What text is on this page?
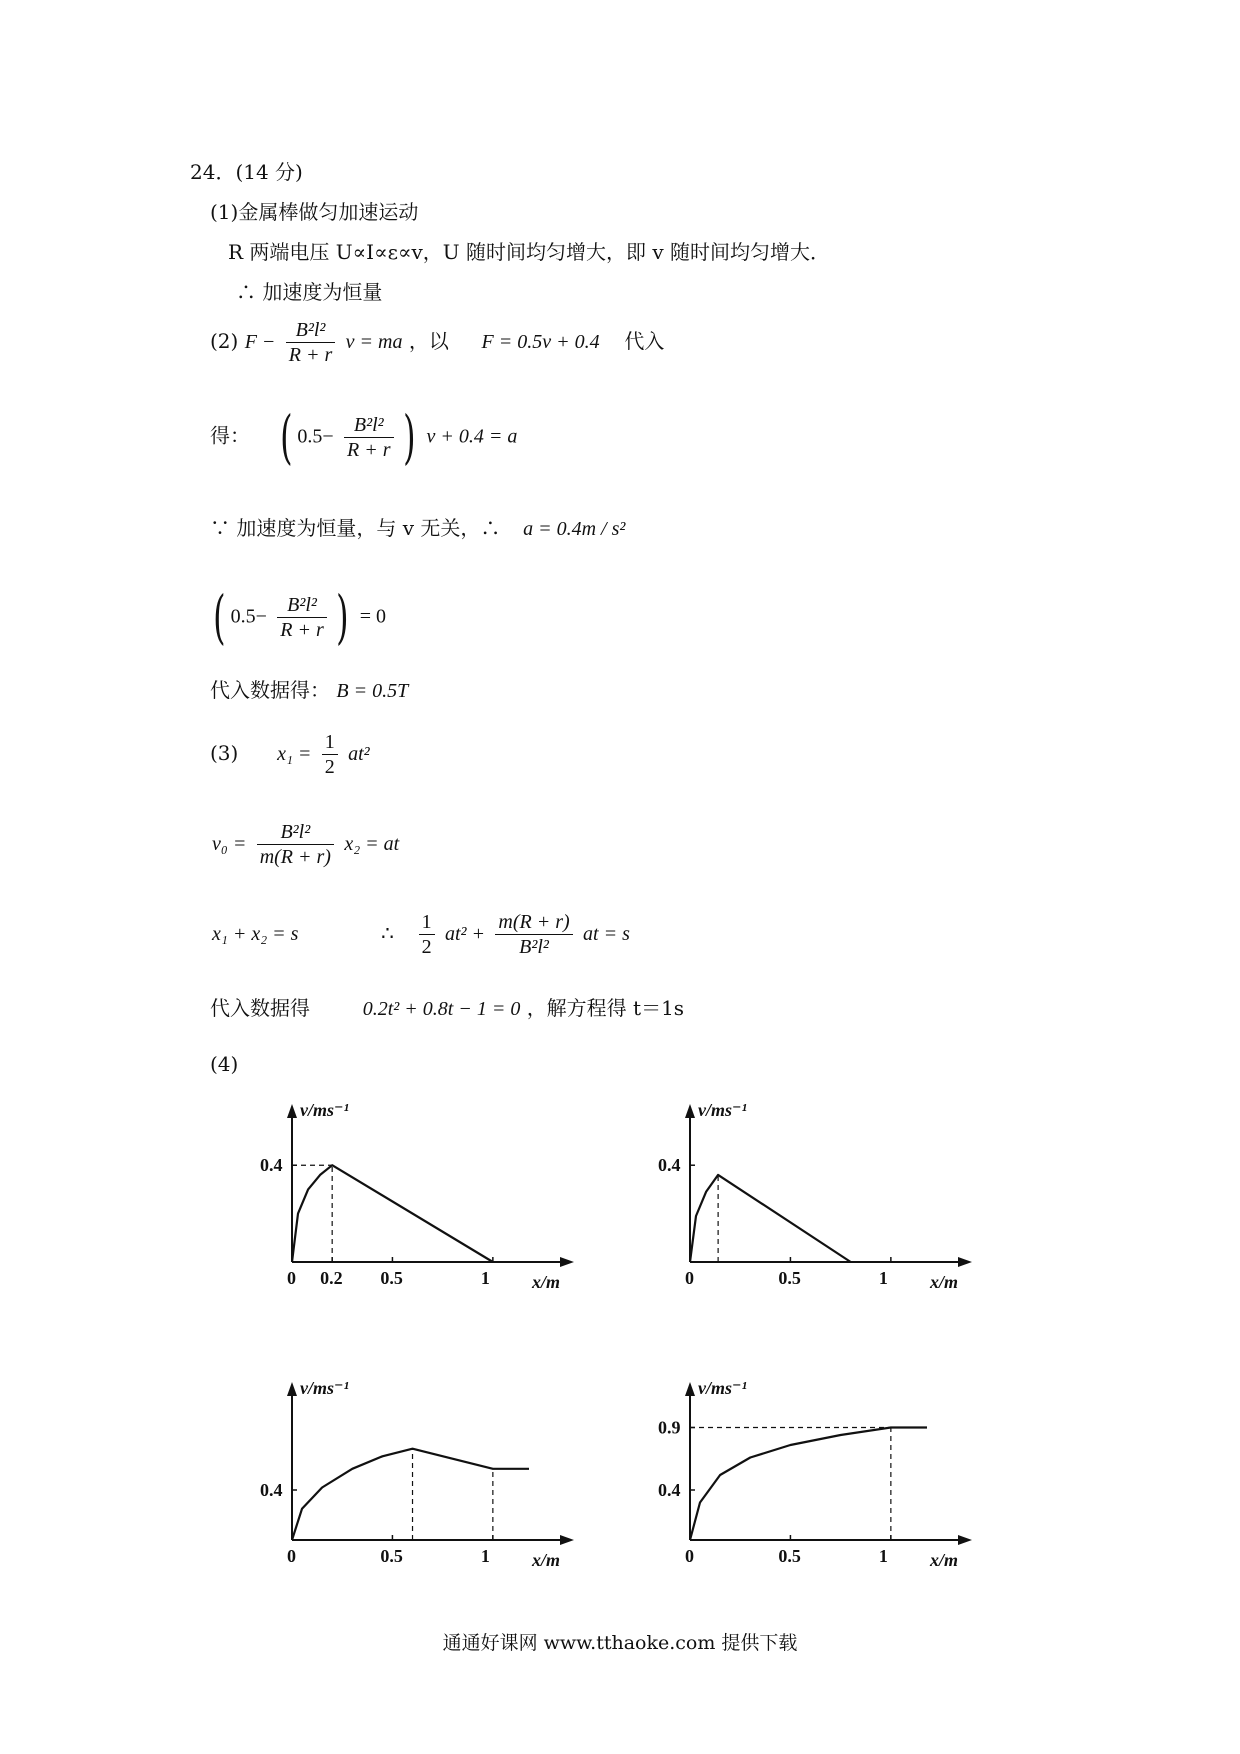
24．(14 分)
(1)金属棒做匀加速运动
R 两端电压 U∝I∝ε∝v，U 随时间均匀增大，即 v 随时间均匀增大．
∴ 加速度为恒量
(2) $F - \frac{\text{B²l²}}{R + r}$ v = ma ，以 F = 0.5v + 0.4 代入
得： ( $0.5- \frac{\text{B²l²}}{R + r}$ ) v + 0.4 = a
∵ 加速度为恒量，与 v 无关，∴ a = 0.4m / s²
( $0.5- \frac{\text{B²l²}}{R + r}$ ) = 0
代入数据得： B = 0.5T
(3) $x_1 = \frac{1}{2} at^2$
$v_0 = \frac{\text{B²l²}}{m(R + r)} x_2$ = at
x₁ + x₂ = s	∴ $\frac{1}{2} at^2 + \frac{m(R + r)}{\text{B²l²}}$ at = s
代入数据得	0.2t² + 0.8t − 1 = 0 ，解方程得 t＝1s
(4)
x/m
v/ms⁻¹
0 0.2 0.5	1
0.4
x/m
v/ms⁻¹
0	0.5	1
0.4
x/m
v/ms⁻¹
0	0.5	1
0.4
x/m
v/ms⁻¹
0	0.5	1
0.4
0.9
通通好课网 www.tthaoke.com 提供下载
